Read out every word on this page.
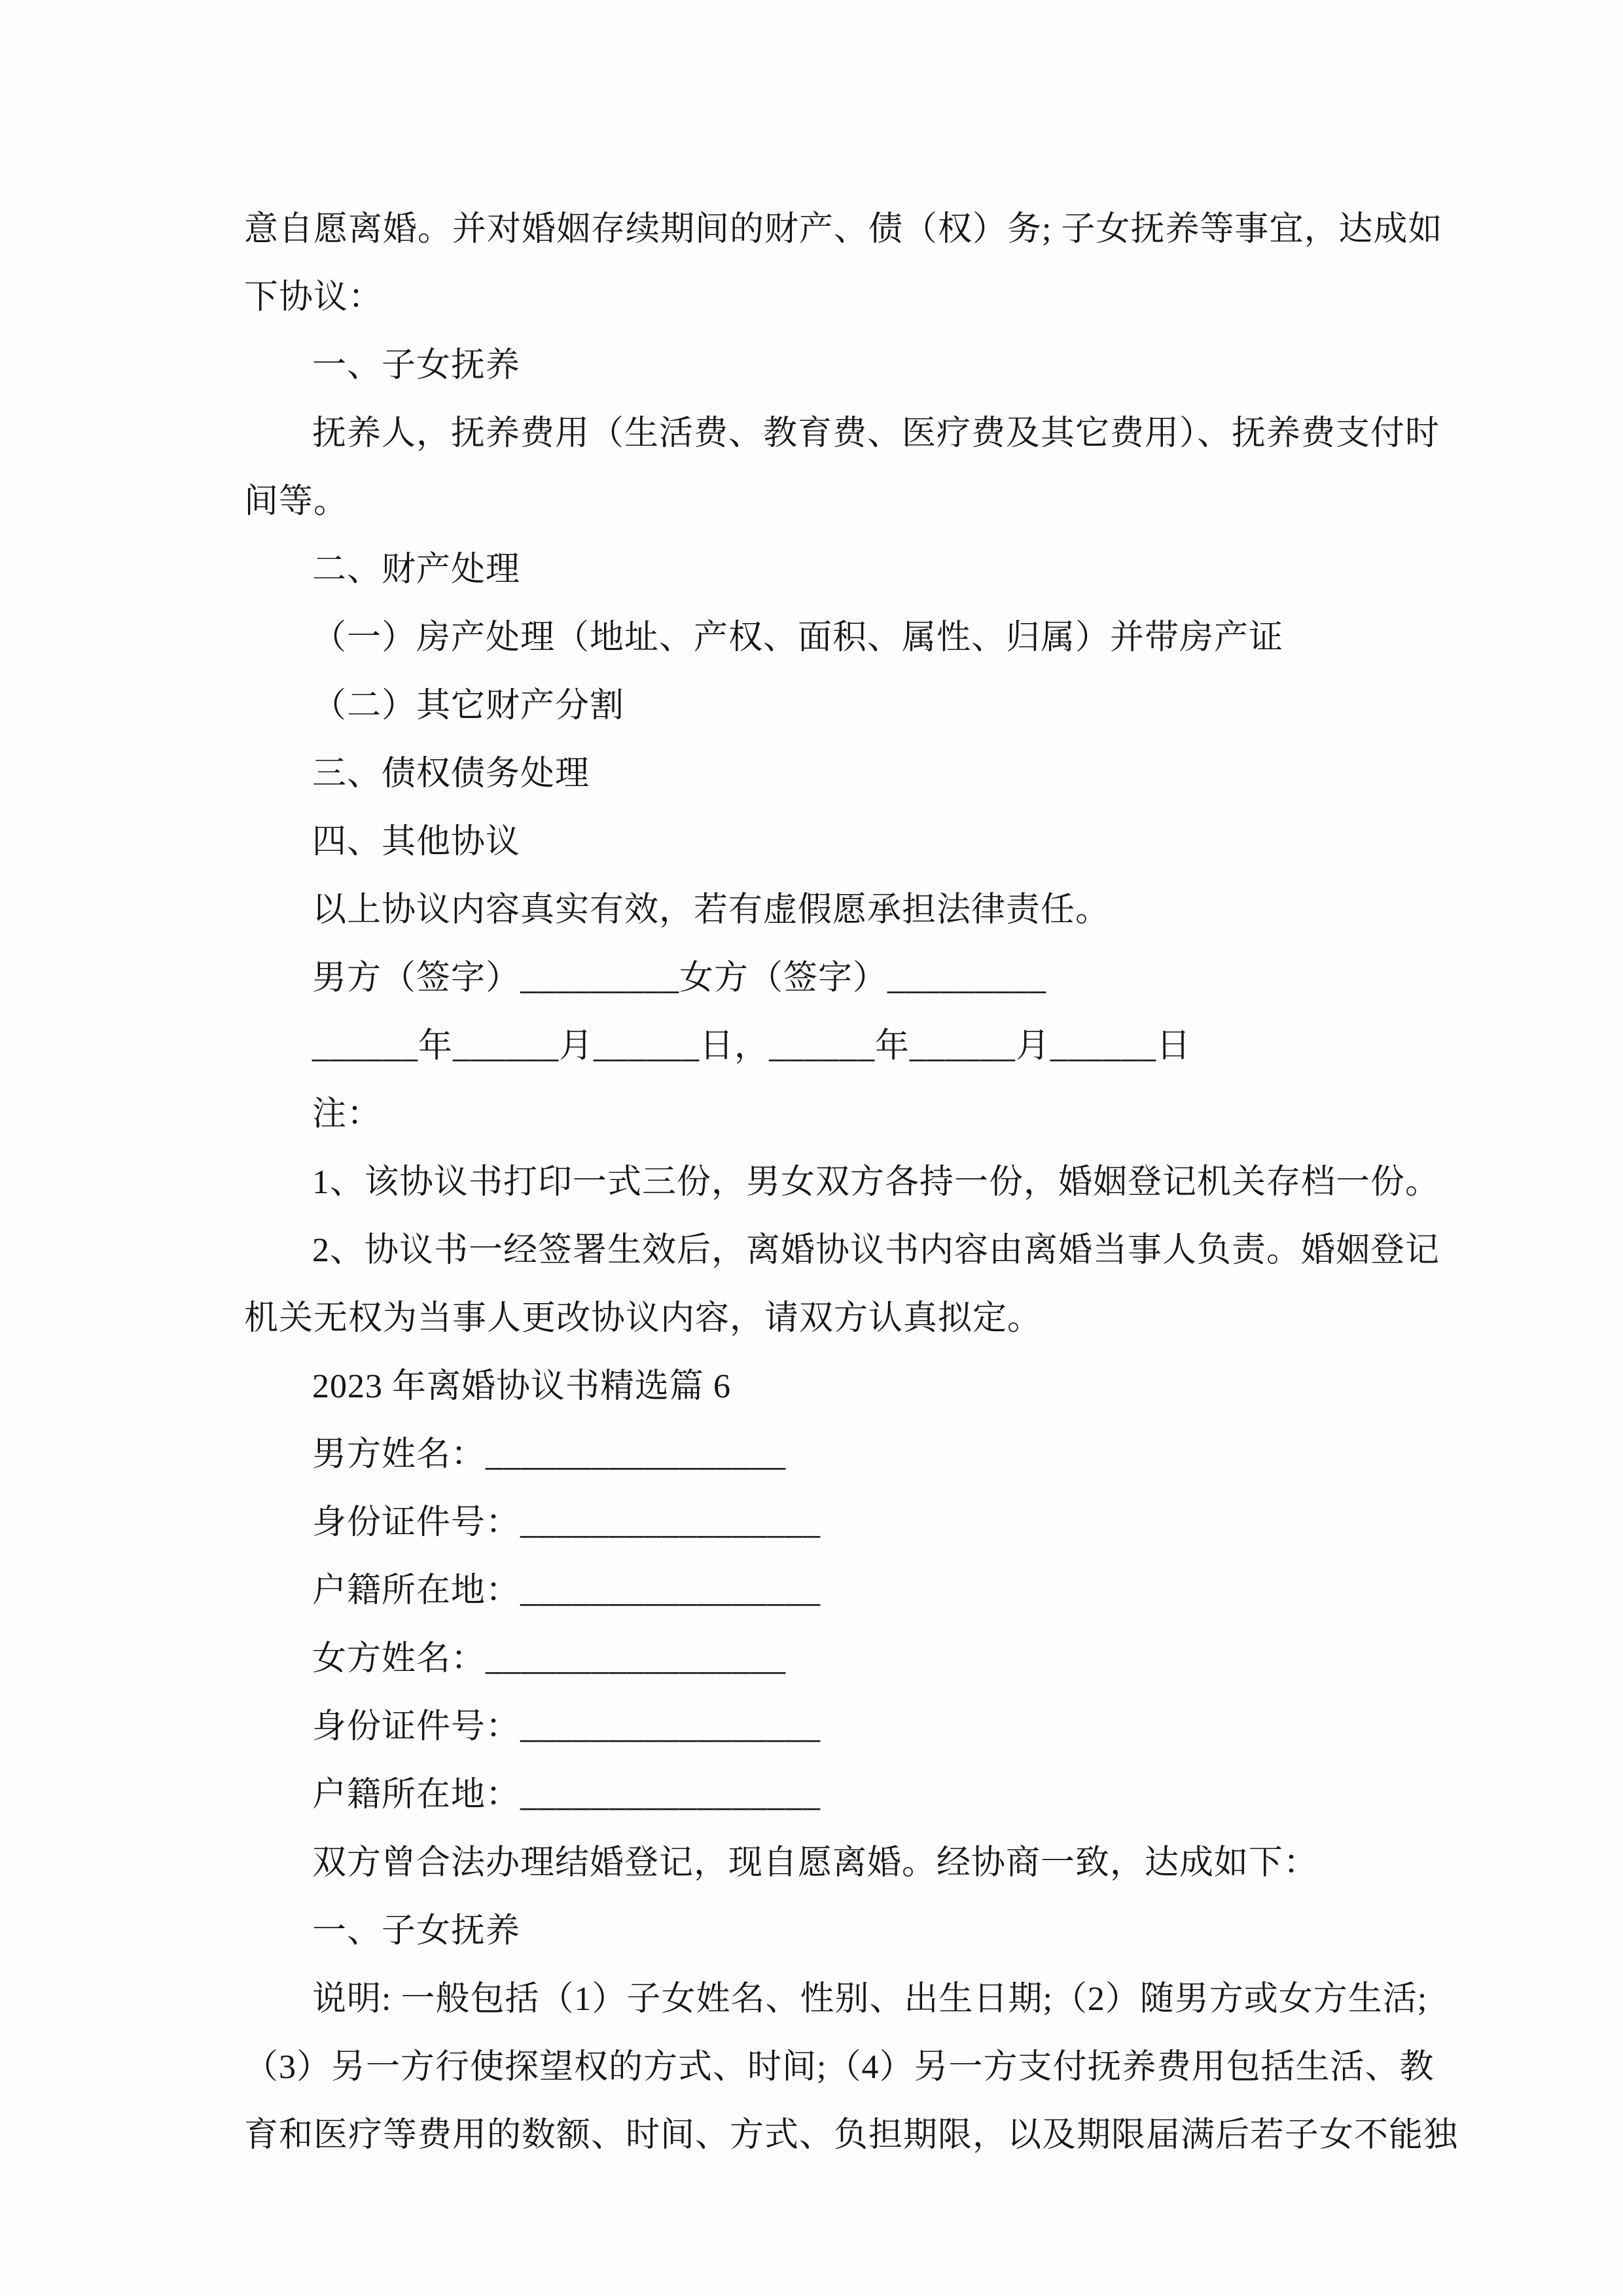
意自愿离婚。并对婚姻存续期间的财产、债（权）务; 子女抚养等事宜，达成如
下协议：
一、子女抚养
抚养人，抚养费用（生活费、教育费、医疗费及其它费用）、抚养费支付时
间等。
二、财产处理
（一）房产处理（地址、产权、面积、属性、归属）并带房产证
（二）其它财产分割
三、债权债务处理
四、其他协议
以上协议内容真实有效，若有虚假愿承担法律责任。
男方（签字）_________女方（签字）_________
______年______月______日，______年______月______日
注：
1、该协议书打印一式三份，男女双方各持一份，婚姻登记机关存档一份。
2、协议书一经签署生效后，离婚协议书内容由离婚当事人负责。婚姻登记
机关无权为当事人更改协议内容，请双方认真拟定。
2023 年离婚协议书精选篇 6
男方姓名：_________________
身份证件号：_________________
户籍所在地：_________________
女方姓名：_________________
身份证件号：_________________
户籍所在地：_________________
双方曾合法办理结婚登记，现自愿离婚。经协商一致，达成如下：
一、子女抚养
说明: 一般包括（1）子女姓名、性别、出生日期;（2）随男方或女方生活;
（3）另一方行使探望权的方式、时间;（4）另一方支付抚养费用包括生活、教
育和医疗等费用的数额、时间、方式、负担期限，以及期限届满后若子女不能独
